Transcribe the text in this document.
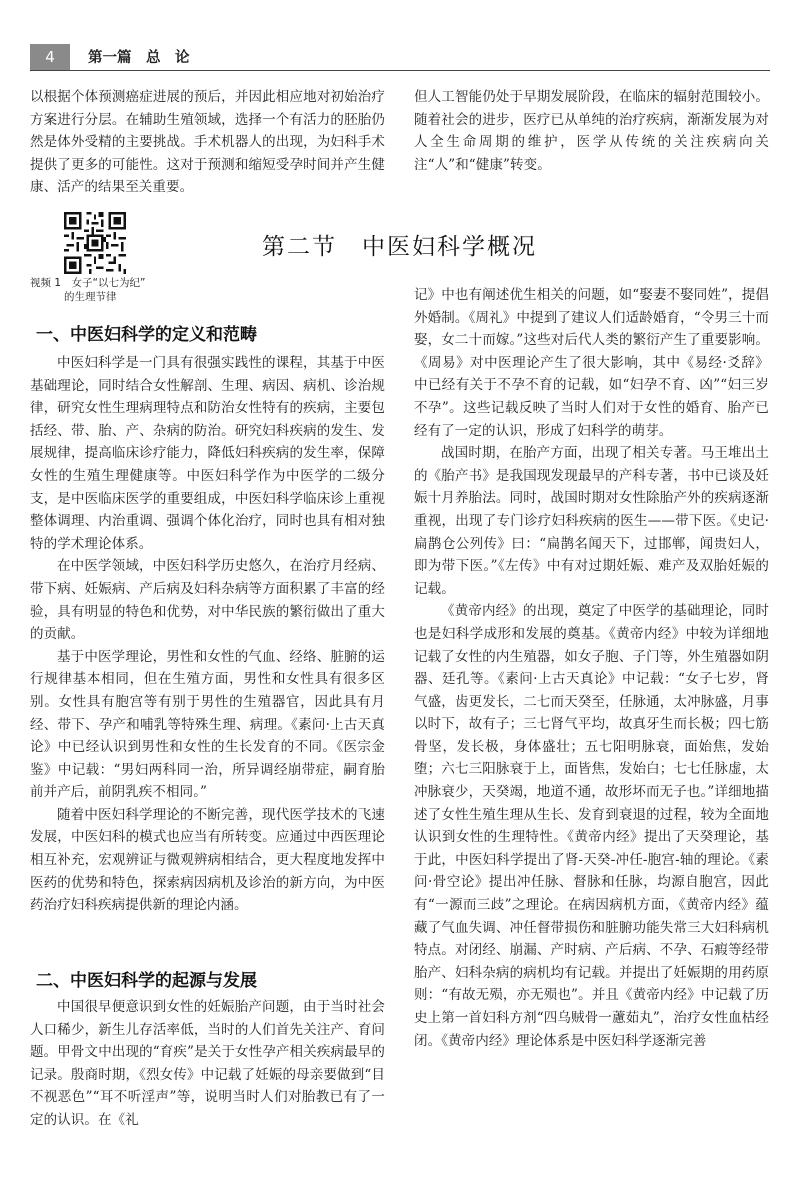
4	第一篇　总　论

以根据个体预测癌症进展的预后，并因此相应地对初始治疗方案进行分层。在辅助生殖领域，选择一个有活力的胚胎仍然是体外受精的主要挑战。手术机器人的出现，为妇科手术提供了更多的可能性。这对于预测和缩短受孕时间并产生健康、活产的结果至关重要。

但人工智能仍处于早期发展阶段，在临床的辐射范围较小。随着社会的进步，医疗已从单纯的治疗疾病，渐渐发展为对人全生命周期的维护，医学从传统的关注疾病向关注“人”和“健康”转变。

视频 1　女子“以七为纪”
的生理节律
第二节　中医妇科学概况
一、中医妇科学的定义和范畴

中医妇科学是一门具有很强实践性的课程，其基于中医基础理论，同时结合女性解剖、生理、病因、病机、诊治规律，研究女性生理病理特点和防治女性特有的疾病，主要包括经、带、胎、产、杂病的防治。研究妇科疾病的发生、发展规律，提高临床诊疗能力，降低妇科疾病的发生率，保障女性的生殖生理健康等。中医妇科学作为中医学的二级分支，是中医临床医学的重要组成，中医妇科学临床诊上重视整体调理、内治重调、强调个体化治疗，同时也具有相对独特的学术理论体系。

在中医学领域，中医妇科学历史悠久，在治疗月经病、带下病、妊娠病、产后病及妇科杂病等方面积累了丰富的经验，具有明显的特色和优势，对中华民族的繁衍做出了重大的贡献。

基于中医学理论，男性和女性的气血、经络、脏腑的运行规律基本相同，但在生殖方面，男性和女性具有很多区别。女性具有胞宫等有别于男性的生殖器官，因此具有月经、带下、孕产和哺乳等特殊生理、病理。《素问·上古天真论》中已经认识到男性和女性的生长发育的不同。《医宗金鉴》中记载：“男妇两科同一治，所异调经崩带症，嗣育胎前并产后，前阴乳疾不相同。”

随着中医妇科学理论的不断完善，现代医学技术的飞速发展，中医妇科的模式也应当有所转变。应通过中西医理论相互补充，宏观辨证与微观辨病相结合，更大程度地发挥中医药的优势和特色，探索病因病机及诊治的新方向，为中医药治疗妇科疾病提供新的理论内涵。

二、中医妇科学的起源与发展

中国很早便意识到女性的妊娠胎产问题，由于当时社会人口稀少，新生儿存活率低，当时的人们首先关注产、育问题。甲骨文中出现的“育疾”是关于女性孕产相关疾病最早的记录。殷商时期，《烈女传》中记载了妊娠的母亲要做到“目不视恶色”“耳不听淫声”等，说明当时人们对胎教已有了一定的认识。在《礼

记》中也有阐述优生相关的问题，如“娶妻不娶同姓”，提倡外婚制。《周礼》中提到了建议人们适龄婚育，“令男三十而娶，女二十而嫁。”这些对后代人类的繁衍产生了重要影响。《周易》对中医理论产生了很大影响，其中《易经·爻辞》中已经有关于不孕不育的记载，如“妇孕不育、凶”“妇三岁不孕”。这些记载反映了当时人们对于女性的婚育、胎产已经有了一定的认识，形成了妇科学的萌芽。

战国时期，在胎产方面，出现了相关专著。马王堆出土的《胎产书》是我国现发现最早的产科专著，书中已谈及妊娠十月养胎法。同时，战国时期对女性除胎产外的疾病逐渐重视，出现了专门诊疗妇科疾病的医生——带下医。《史记·扁鹊仓公列传》曰：“扁鹊名闻天下，过邯郸，闻贵妇人，即为带下医。”《左传》中有对过期妊娠、难产及双胎妊娠的记载。

《黄帝内经》的出现，奠定了中医学的基础理论，同时也是妇科学成形和发展的奠基。《黄帝内经》中较为详细地记载了女性的内生殖器，如女子胞、子门等，外生殖器如阴器、廷孔等。《素问·上古天真论》中记载：“女子七岁，肾气盛，齿更发长，二七而天癸至，任脉通，太冲脉盛，月事以时下，故有子；三七肾气平均，故真牙生而长极；四七筋骨坚，发长极，身体盛壮；五七阳明脉衰，面始焦，发始堕；六七三阳脉衰于上，面皆焦，发始白；七七任脉虚，太冲脉衰少，天癸竭，地道不通，故形坏而无子也。”详细地描述了女性生殖生理从生长、发育到衰退的过程，较为全面地认识到女性的生理特性。《黄帝内经》提出了天癸理论，基于此，中医妇科学提出了肾-天癸-冲任-胞宫-轴的理论。《素问·骨空论》提出冲任脉、督脉和任脉，均源自胞宫，因此有“一源而三歧”之理论。在病因病机方面，《黄帝内经》蕴藏了气血失调、冲任督带损伤和脏腑功能失常三大妇科病机特点。对闭经、崩漏、产时病、产后病、不孕、石瘕等经带胎产、妇科杂病的病机均有记载。并提出了妊娠期的用药原则：“有故无殒，亦无殒也”。并且《黄帝内经》中记载了历史上第一首妇科方剂“四乌贼骨一藘茹丸”，治疗女性血枯经闭。《黄帝内经》理论体系是中医妇科学逐渐完善
